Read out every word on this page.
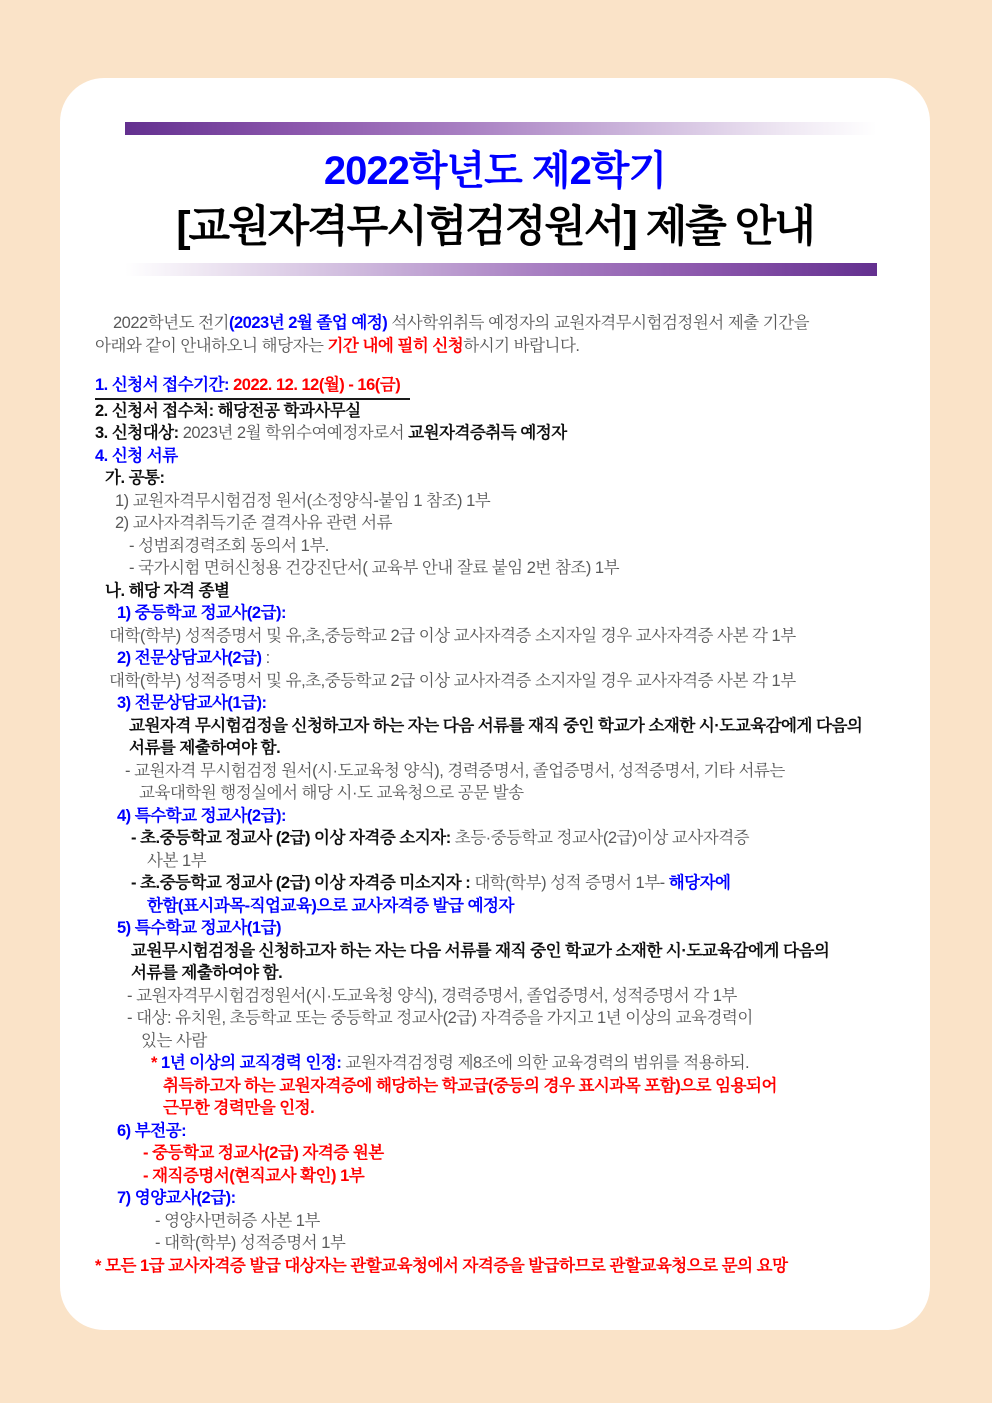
2022학년도 제2학기
[교원자격무시험검정원서] 제출 안내
2022학년도 전기(2023년 2월 졸업 예정) 석사학위취득 예정자의 교원자격무시험검정원서 제출 기간을
아래와 같이 안내하오니 해당자는 기간 내에 필히 신청하시기 바랍니다.
1. 신청서 접수기간: 2022. 12. 12(월) - 16(금)
2. 신청서 접수처: 해당전공 학과사무실
3. 신청대상: 2023년 2월 학위수여예정자로서 교원자격증취득 예정자
4. 신청 서류
가. 공통:
1) 교원자격무시험검정 원서(소정양식-붙임 1 참조) 1부
2) 교사자격취득기준 결격사유 관련 서류
- 성범죄경력조회 동의서 1부.
- 국가시험 면허신청용 건강진단서( 교육부 안내 잘료 붙임 2번 참조) 1부
나. 해당 자격 종별
1) 중등학교 정교사(2급):
대학(학부) 성적증명서 및 유,초,중등학교 2급 이상 교사자격증 소지자일 경우 교사자격증 사본 각 1부
2) 전문상담교사(2급) :
대학(학부) 성적증명서 및 유,초,중등학교 2급 이상 교사자격증 소지자일 경우 교사자격증 사본 각 1부
3) 전문상담교사(1급):
교원자격 무시험검정을 신청하고자 하는 자는 다음 서류를 재직 중인 학교가 소재한 시·도교육감에게 다음의
서류를 제출하여야 함.
- 교원자격 무시험검정 원서(시·도교육청 양식), 경력증명서, 졸업증명서, 성적증명서, 기타 서류는
교육대학원 행정실에서 해당 시·도 교육청으로 공문 발송
4) 특수학교 정교사(2급):
- 초.중등학교 정교사 (2급) 이상 자격증 소지자: 초등·중등학교 정교사(2급)이상 교사자격증
사본 1부
- 초.중등학교 정교사 (2급) 이상 자격증 미소지자 : 대학(학부) 성적 증명서 1부- 해당자에
한함(표시과목-직업교육)으로 교사자격증 발급 예정자
5) 특수학교 정교사(1급)
교원무시험검정을 신청하고자 하는 자는 다음 서류를 재직 중인 학교가 소재한 시·도교육감에게 다음의
서류를 제출하여야 함.
- 교원자격무시험검정원서(시·도교육청 양식), 경력증명서, 졸업증명서, 성적증명서 각 1부
- 대상: 유치원, 초등학교 또는 중등학교 정교사(2급) 자격증을 가지고 1년 이상의 교육경력이
있는 사람
* 1년 이상의 교직경력 인정: 교원자격검정령 제8조에 의한 교육경력의 범위를 적용하되.
취득하고자 하는 교원자격증에 해당하는 학교급(중등의 경우 표시과목 포함)으로 임용되어
근무한 경력만을 인정.
6) 부전공:
- 중등학교 정교사(2급) 자격증 원본
- 재직증명서(현직교사 확인) 1부
7) 영양교사(2급):
- 영양사면허증 사본 1부
- 대학(학부) 성적증명서 1부
* 모든 1급 교사자격증 발급 대상자는 관할교육청에서 자격증을 발급하므로 관할교육청으로 문의 요망
